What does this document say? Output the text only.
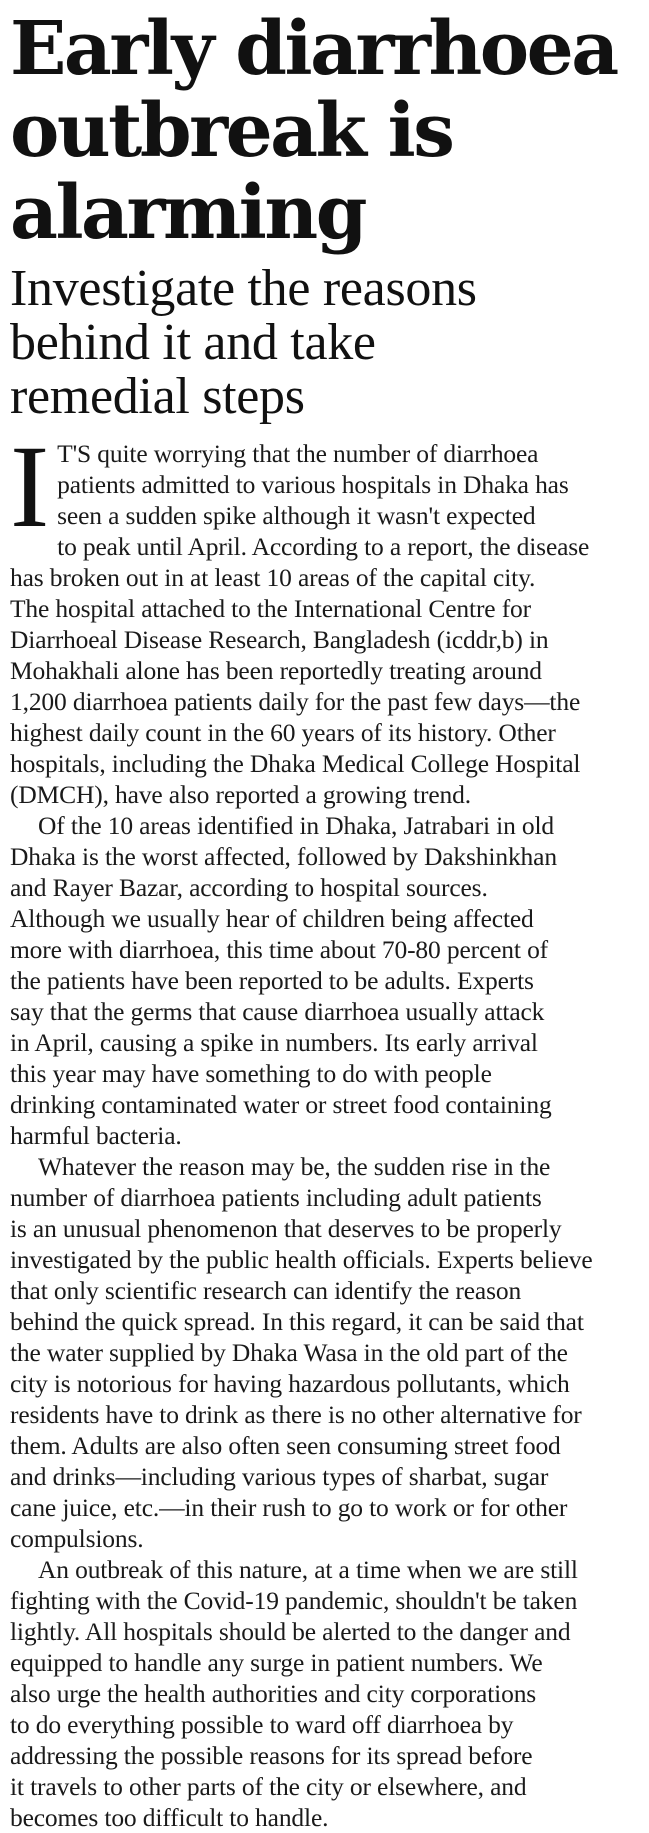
Early diarrhoea
outbreak is
alarming
Investigate the reasons
behind it and take
remedial steps

I T'S quite worrying that the number of diarrhoea
patients admitted to various hospitals in Dhaka has
seen a sudden spike although it wasn't expected
to peak until April. According to a report, the disease
has broken out in at least 10 areas of the capital city.
The hospital attached to the International Centre for
Diarrhoeal Disease Research, Bangladesh (icddr,b) in
Mohakhali alone has been reportedly treating around
1,200 diarrhoea patients daily for the past few days—the
highest daily count in the 60 years of its history. Other
hospitals, including the Dhaka Medical College Hospital
(DMCH), have also reported a growing trend.

Of the 10 areas identified in Dhaka, Jatrabari in old
Dhaka is the worst affected, followed by Dakshinkhan
and Rayer Bazar, according to hospital sources.
Although we usually hear of children being affected
more with diarrhoea, this time about 70-80 percent of
the patients have been reported to be adults. Experts
say that the germs that cause diarrhoea usually attack
in April, causing a spike in numbers. Its early arrival
this year may have something to do with people
drinking contaminated water or street food containing
harmful bacteria.

Whatever the reason may be, the sudden rise in the
number of diarrhoea patients including adult patients
is an unusual phenomenon that deserves to be properly
investigated by the public health officials. Experts believe
that only scientific research can identify the reason
behind the quick spread. In this regard, it can be said that
the water supplied by Dhaka Wasa in the old part of the
city is notorious for having hazardous pollutants, which
residents have to drink as there is no other alternative for
them. Adults are also often seen consuming street food
and drinks—including various types of sharbat, sugar
cane juice, etc.—in their rush to go to work or for other
compulsions.

An outbreak of this nature, at a time when we are still
fighting with the Covid-19 pandemic, shouldn't be taken
lightly. All hospitals should be alerted to the danger and
equipped to handle any surge in patient numbers. We
also urge the health authorities and city corporations
to do everything possible to ward off diarrhoea by
addressing the possible reasons for its spread before
it travels to other parts of the city or elsewhere, and
becomes too difficult to handle.
